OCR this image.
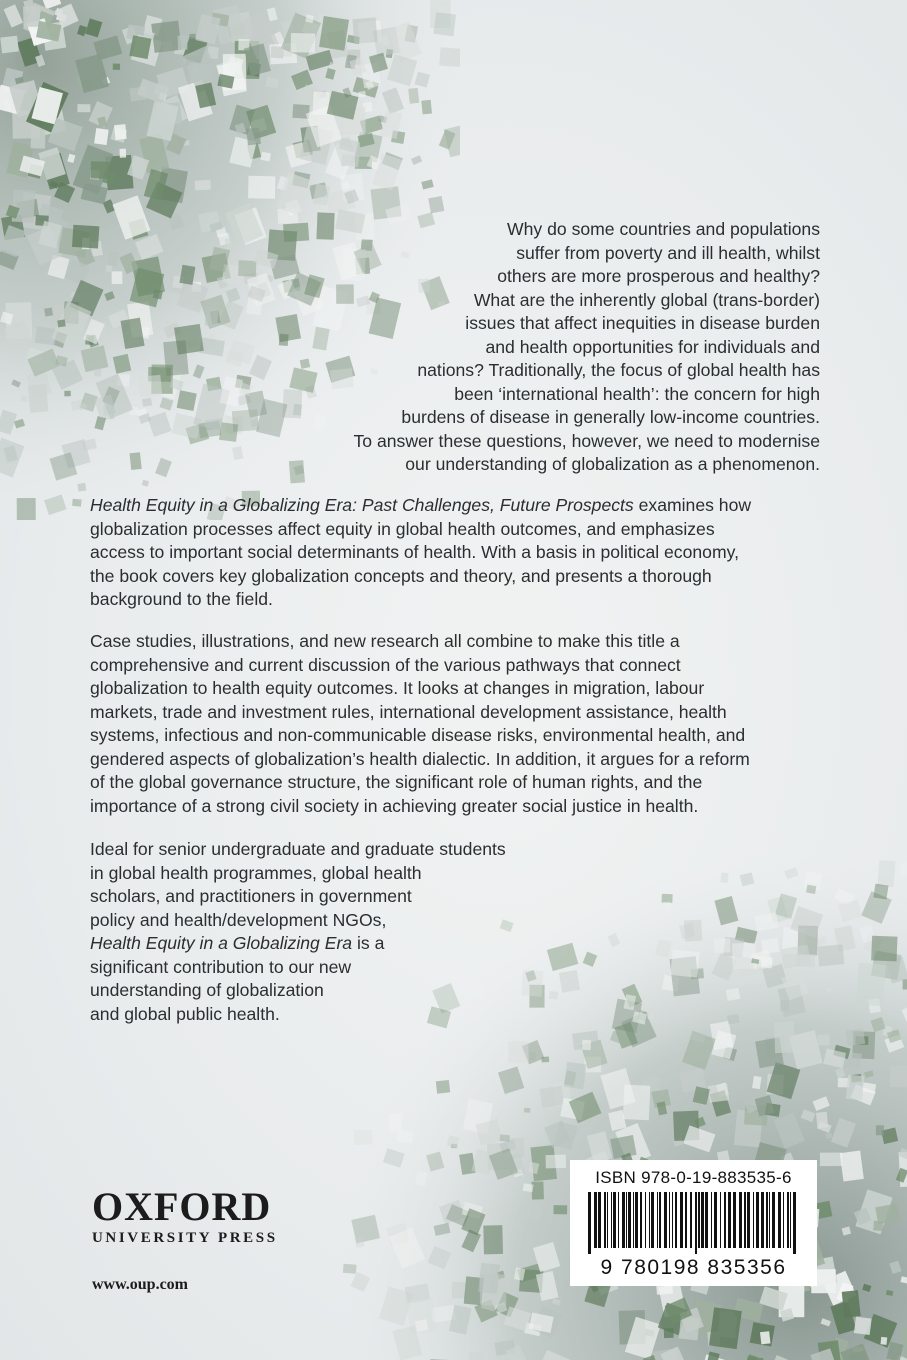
Why do some countries and populations
suffer from poverty and ill health, whilst
others are more prosperous and healthy?
What are the inherently global (trans-border)
issues that affect inequities in disease burden
and health opportunities for individuals and
nations? Traditionally, the focus of global health has
been ‘international health’: the concern for high
burdens of disease in generally low-income countries.
To answer these questions, however, we need to modernise
our understanding of globalization as a phenomenon.
Health Equity in a Globalizing Era: Past Challenges, Future Prospects examines how
globalization processes affect equity in global health outcomes, and emphasizes
access to important social determinants of health. With a basis in political economy,
the book covers key globalization concepts and theory, and presents a thorough
background to the field.
Case studies, illustrations, and new research all combine to make this title a
comprehensive and current discussion of the various pathways that connect
globalization to health equity outcomes. It looks at changes in migration, labour
markets, trade and investment rules, international development assistance, health
systems, infectious and non-communicable disease risks, environmental health, and
gendered aspects of globalization’s health dialectic. In addition, it argues for a reform
of the global governance structure, the significant role of human rights, and the
importance of a strong civil society in achieving greater social justice in health.
Ideal for senior undergraduate and graduate students
in global health programmes, global health
scholars, and practitioners in government
policy and health/development NGOs,
Health Equity in a Globalizing Era is a
significant contribution to our new
understanding of globalization
and global public health.
OXFORD
UNIVERSITY PRESS
www.oup.com
ISBN 978-0-19-883535-6
9 780198 835356
